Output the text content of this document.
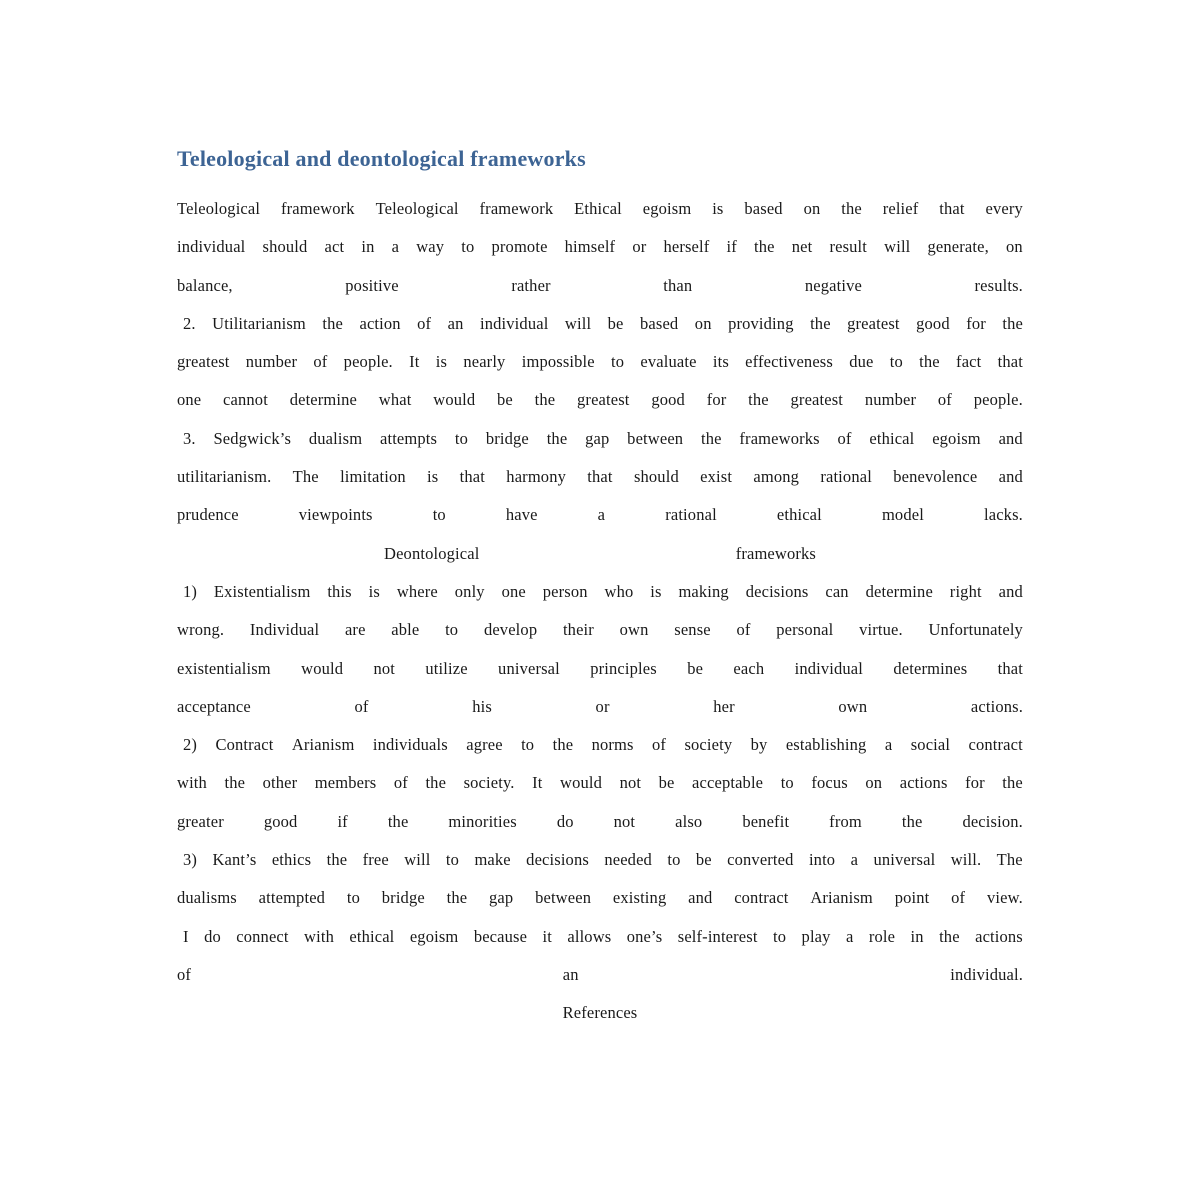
Teleological and deontological frameworks
Teleological framework Teleological framework Ethical egoism is based on the relief that every
individual should act in a way to promote himself or herself if the net result will generate, on
balance,	positive	rather	than	negative	results.
2. Utilitarianism the action of an individual will be based on providing the greatest good for the
greatest number of people. It is nearly impossible to evaluate its effectiveness due to the fact that
one cannot determine what would be the greatest good for the greatest number of people.
3. Sedgwick’s dualism attempts to bridge the gap between the frameworks of ethical egoism and
utilitarianism. The limitation is that harmony that should exist among rational benevolence and
prudence	viewpoints	to	have	a	rational	ethical	model	lacks.
Deontological	frameworks
1) Existentialism this is where only one person who is making decisions can determine right and
wrong. Individual are able to develop their own sense of personal virtue. Unfortunately
existentialism would not utilize universal principles be each individual determines that
acceptance	of	his	or	her	own	actions.
2) Contract Arianism individuals agree to the norms of society by establishing a social contract
with the other members of the society. It would not be acceptable to focus on actions for the
greater good if the minorities do not also benefit from the decision.
3) Kant’s ethics the free will to make decisions needed to be converted into a universal will. The
dualisms attempted to bridge the gap between existing and contract Arianism point of view.
I do connect with ethical egoism because it allows one’s self-interest to play a role in the actions
of	an	individual.
References
